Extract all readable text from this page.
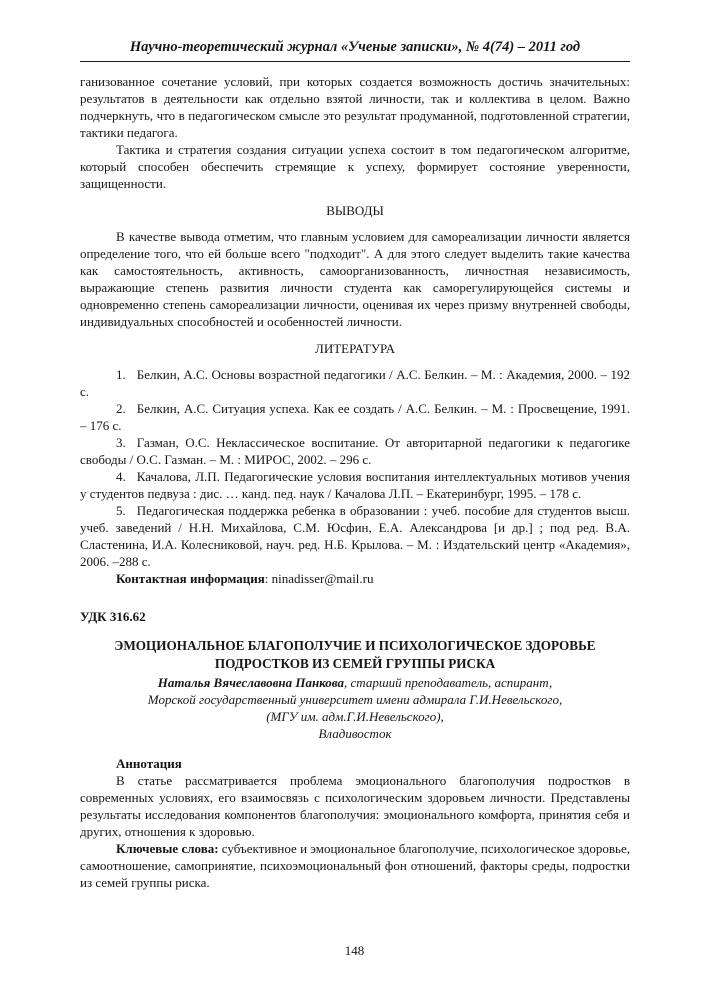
Научно-теоретический журнал «Ученые записки», № 4(74) – 2011 год

ганизованное сочетание условий, при которых создается возможность достичь значительных: результатов в деятельности как отдельно взятой личности, так и коллектива в целом. Важно подчеркнуть, что в педагогическом смысле это результат продуманной, подготовленной стратегии, тактики педагога.

Тактика и стратегия создания ситуации успеха состоит в том педагогическом алгоритме, который способен обеспечить стремящие к успеху, формирует состояние уверенности, защищенности.

ВЫВОДЫ

В качестве вывода отметим, что главным условием для самореализации личности является определение того, что ей больше всего "подходит". А для этого следует выделить такие качества как самостоятельность, активность, самоорганизованность, личностная независимость, выражающие степень развития личности студента как саморегулирующейся системы и одновременно степень самореализации личности, оценивая их через призму внутренней свободы, индивидуальных способностей и особенностей личности.

ЛИТЕРАТУРА

1. Белкин, А.С. Основы возрастной педагогики / А.С. Белкин. – М. : Академия, 2000. – 192 с.

2. Белкин, А.С. Ситуация успеха. Как ее создать / А.С. Белкин. – М. : Просвещение, 1991. – 176 с.

3. Газман, О.С. Неклассическое воспитание. От авторитарной педагогики к педагогике свободы / О.С. Газман. – М. : МИРОС, 2002. – 296 с.

4. Качалова, Л.П. Педагогические условия воспитания интеллектуальных мотивов учения у студентов педвуза : дис. … канд. пед. наук / Качалова Л.П. – Екатеринбург, 1995. – 178 с.

5. Педагогическая поддержка ребенка в образовании : учеб. пособие для студентов высш. учеб. заведений / Н.Н. Михайлова, С.М. Юсфин, Е.А. Александрова [и др.] ; под ред. В.А. Сластенина, И.А. Колесниковой, науч. ред. Н.Б. Крылова. – М. : Издательский центр «Академия», 2006. –288 с.

Контактная информация: ninadisser@mail.ru

УДК 316.62

ЭМОЦИОНАЛЬНОЕ БЛАГОПОЛУЧИЕ И ПСИХОЛОГИЧЕСКОЕ ЗДОРОВЬЕ ПОДРОСТКОВ ИЗ СЕМЕЙ ГРУППЫ РИСКА

Наталья Вячеславовна Панкова, старший преподаватель, аспирант,

Морской государственный университет имени адмирала Г.И.Невельского,

(МГУ им. адм.Г.И.Невельского),

Владивосток

Аннотация

В статье рассматривается проблема эмоционального благополучия подростков в современных условиях, его взаимосвязь с психологическим здоровьем личности. Представлены результаты исследования компонентов благополучия: эмоционального комфорта, принятия себя и других, отношения к здоровью.

Ключевые слова: субъективное и эмоциональное благополучие, психологическое здоровье, самоотношение, самопринятие, психоэмоциональный фон отношений, факторы среды, подростки из семей группы риска.

148
